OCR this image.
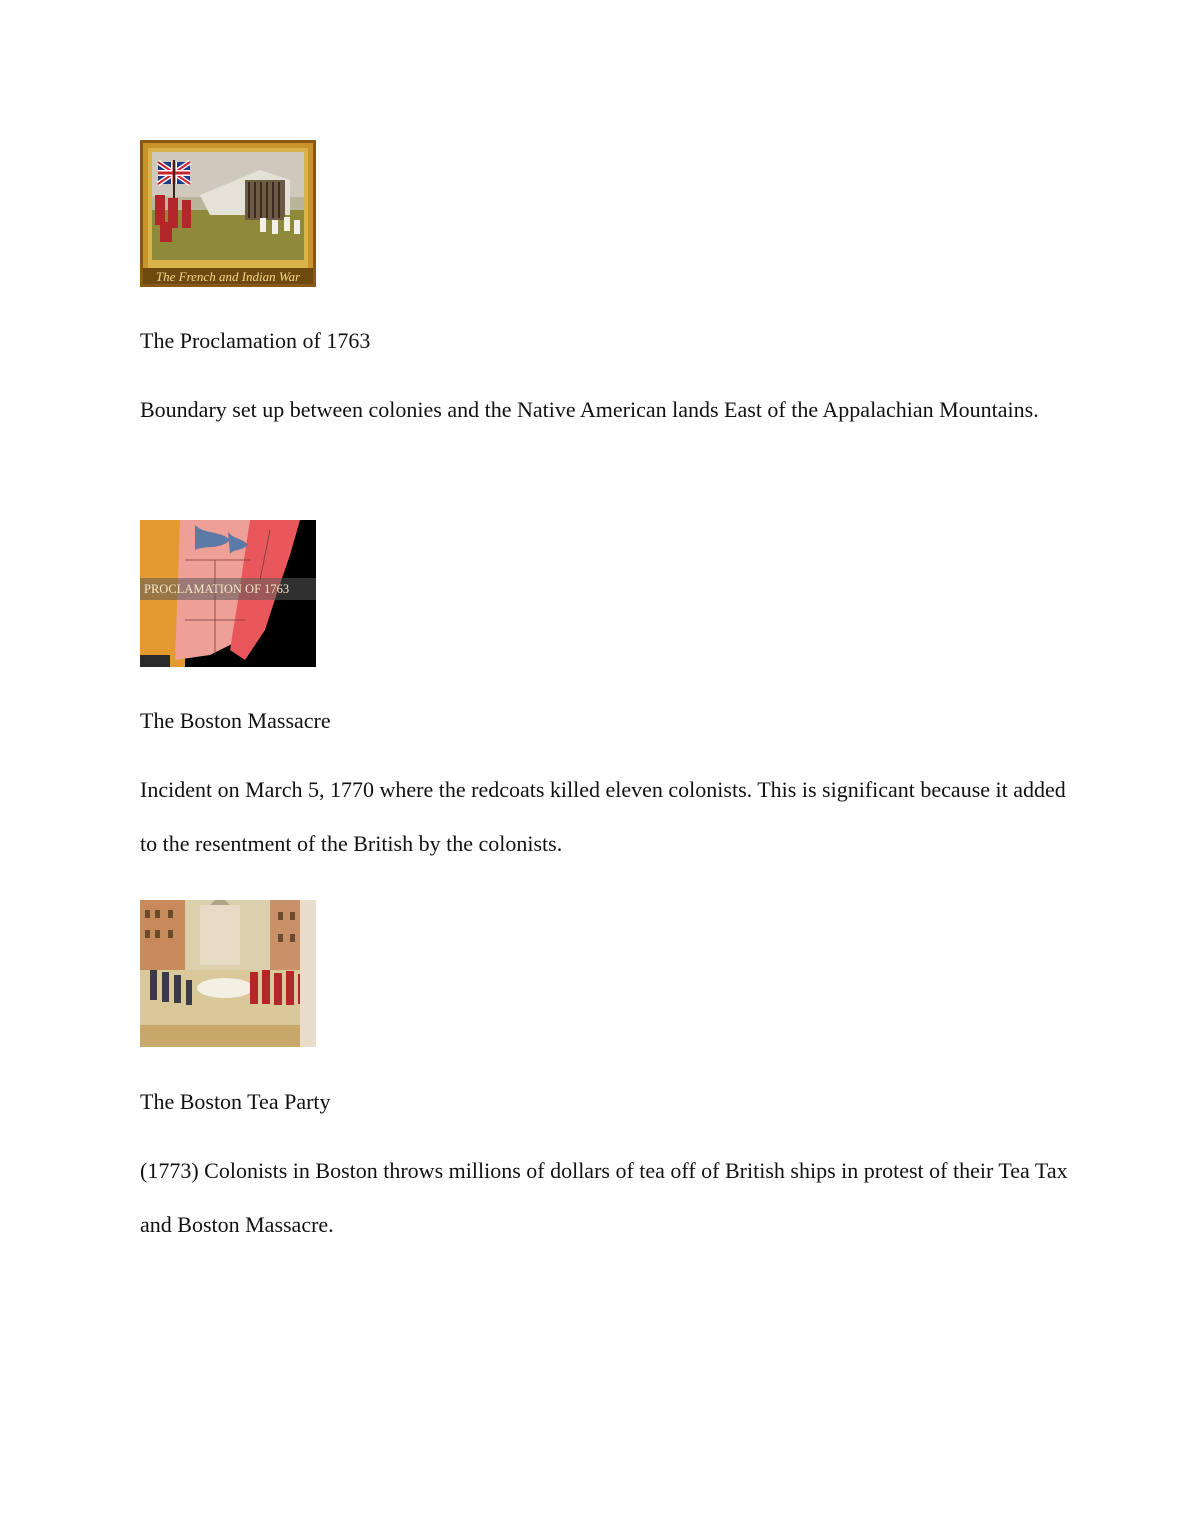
The French and Indian War

The Proclamation of 1763

Boundary set up between colonies and the Native American lands East of the Appalachian Mountains.

PROCLAMATION OF 1763

The Boston Massacre

Incident on March 5, 1770 where the redcoats killed eleven colonists. This is significant because it added to the resentment of the British by the colonists.

The Boston Tea Party

(1773) Colonists in Boston throws millions of dollars of tea off of British ships in protest of their Tea Tax and Boston Massacre.
